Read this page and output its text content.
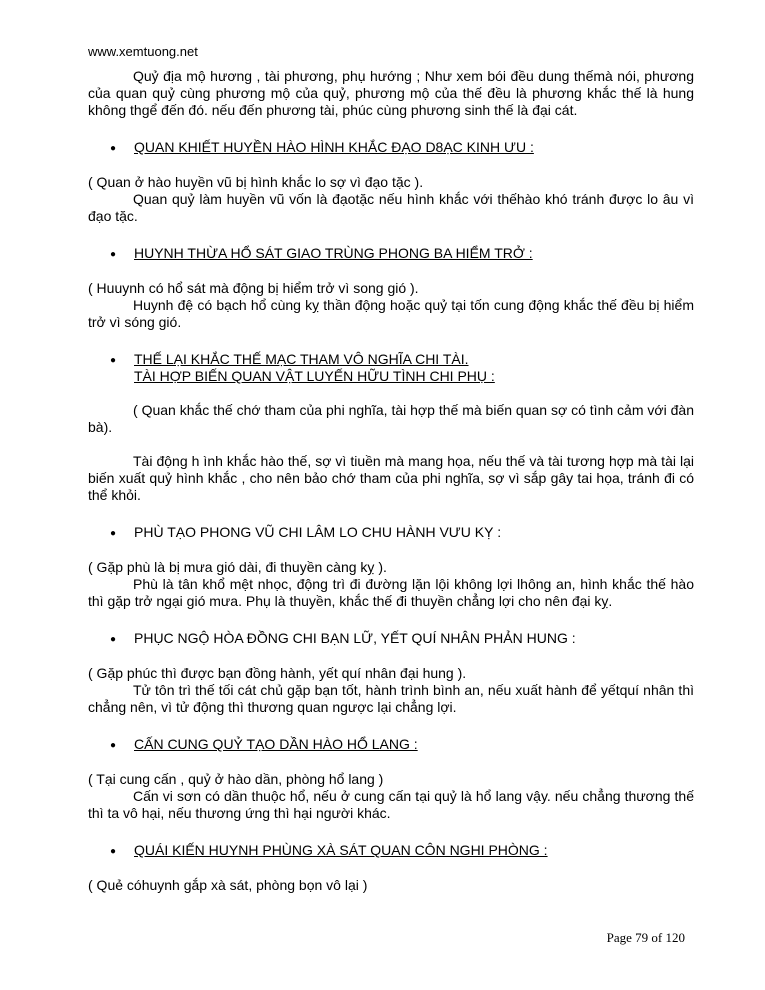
www.xemtuong.net

Quỷ địa mộ hương , tài phương, phụ hướng ; Như xem bói đều dung thếmà nói, phương của quan quỷ cùng phương mộ của quỷ, phương mộ của thế đều là phương khắc thế là hung không thgể đến đó. nếu đến phương tài, phúc cùng phương sinh thế là đại cát.

●	QUAN KHIẾT HUYỀN HÀO HÌNH KHẮC ĐẠO D8ẠC KINH ƯU :

( Quan ở hào huyền vũ bị hình khắc lo sợ vì đạo tặc ).

Quan quỷ làm huyền vũ vốn là đạotặc nếu hình khắc với thếhào khó tránh được lo âu vì đạo tặc.

●	HUYNH THỪA HỔ SÁT GIAO TRÙNG PHONG BA HIỂM TRỞ :

( Huuynh có hổ sát mà động bị hiểm trở vì song gió ).

Huynh đệ có bạch hổ cùng kỵ thần động hoặc quỷ tại tốn cung động khắc thế đều bị hiểm trở vì sóng gió.

●	THẾ LẠI KHẮC THẾ MẠC THAM VÔ NGHĨA CHI TÀI.
TÀI HỢP BIẾN QUAN VẬT LUYẾN HỮU TÌNH CHI PHỤ :

( Quan khắc thế chớ tham của phi nghĩa, tài hợp thế mà biến quan sợ có tình cảm với đàn bà).

Tài động h ình khắc hào thế, sợ vì tiuền mà mang họa, nếu thế và tài tương hợp mà tài lại biến xuất quỷ hình khắc , cho nên bảo chớ tham của phi nghĩa, sợ vì sắp gây tai họa, tránh đi có thể khỏi.

●	PHÙ TẠO PHONG VŨ CHI LÂM LO CHU HÀNH VƯU KỴ :

( Gặp phù là bị mưa gió dài, đi thuyền càng kỵ ).

Phù là tân khổ mệt nhọc, động trì đi đường lặn lội không lợi lhông an, hình khắc thế hào thì gặp trở ngại gió mưa. Phụ là thuyền, khắc thế đi thuyền chẳng lợi cho nên đại kỵ.

●	PHỤC NGỘ HÒA ĐỒNG CHI BẠN LỮ, YẾT QUÍ NHÂN PHẢN HUNG :

( Gặp phúc thì được bạn đồng hành, yết quí nhân đại hung ).

Tử tôn trì thế tối cát chủ gặp bạn tốt, hành trình bình an, nếu xuất hành để yếtquí nhân thì chẳng nên, vì tử động thì thương quan ngược lại chẳng lợi.

●	CẤN CUNG QUỶ TẠO DẦN HÀO HỔ LANG :

( Tại cung cấn , quỷ ở hào dần, phòng hổ lang )

Cấn vi sơn có dần thuộc hổ, nếu ở cung cấn tại quỷ là hổ lang vậy. nếu chẳng thương thế thì ta vô hại, nếu thương ứng thì hại người khác.

●	QUÁI KIẾN HUYNH PHÙNG XÀ SÁT QUAN CÔN NGHI PHÒNG :

( Quẻ cóhuynh gắp xà sát, phòng bọn vô lại )

Page 79 of 120
